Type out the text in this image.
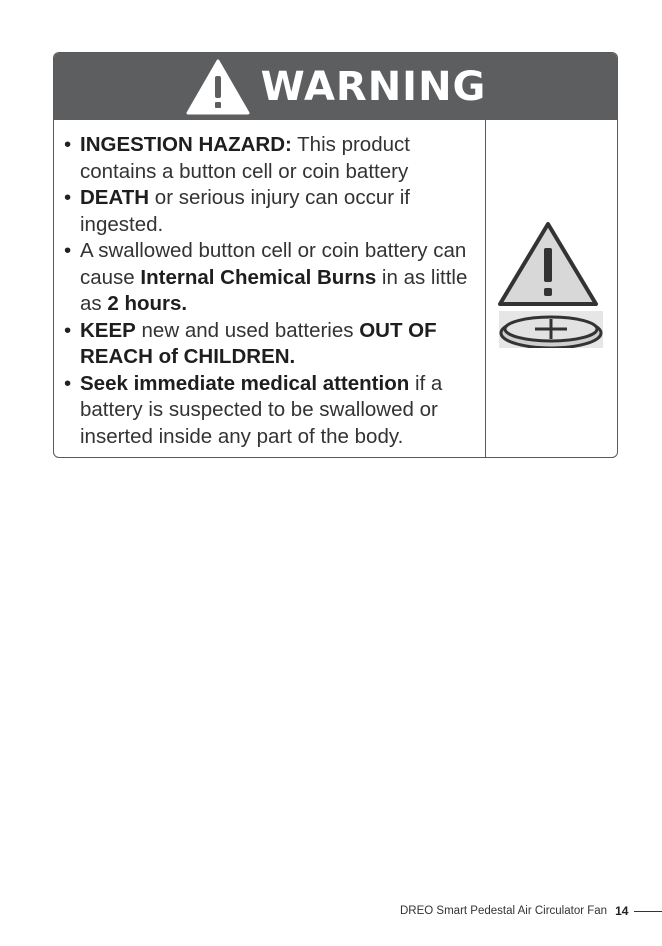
WARNING
• INGESTION HAZARD: This product contains a button cell or coin battery
• DEATH or serious injury can occur if ingested.
• A swallowed button cell or coin battery can cause Internal Chemical Burns in as little as 2 hours.
• KEEP new and used batteries OUT OF REACH of CHILDREN.
• Seek immediate medical attention if a battery is suspected to be swallowed or inserted inside any part of the body.
DREO Smart Pedestal Air Circulator Fan 14
